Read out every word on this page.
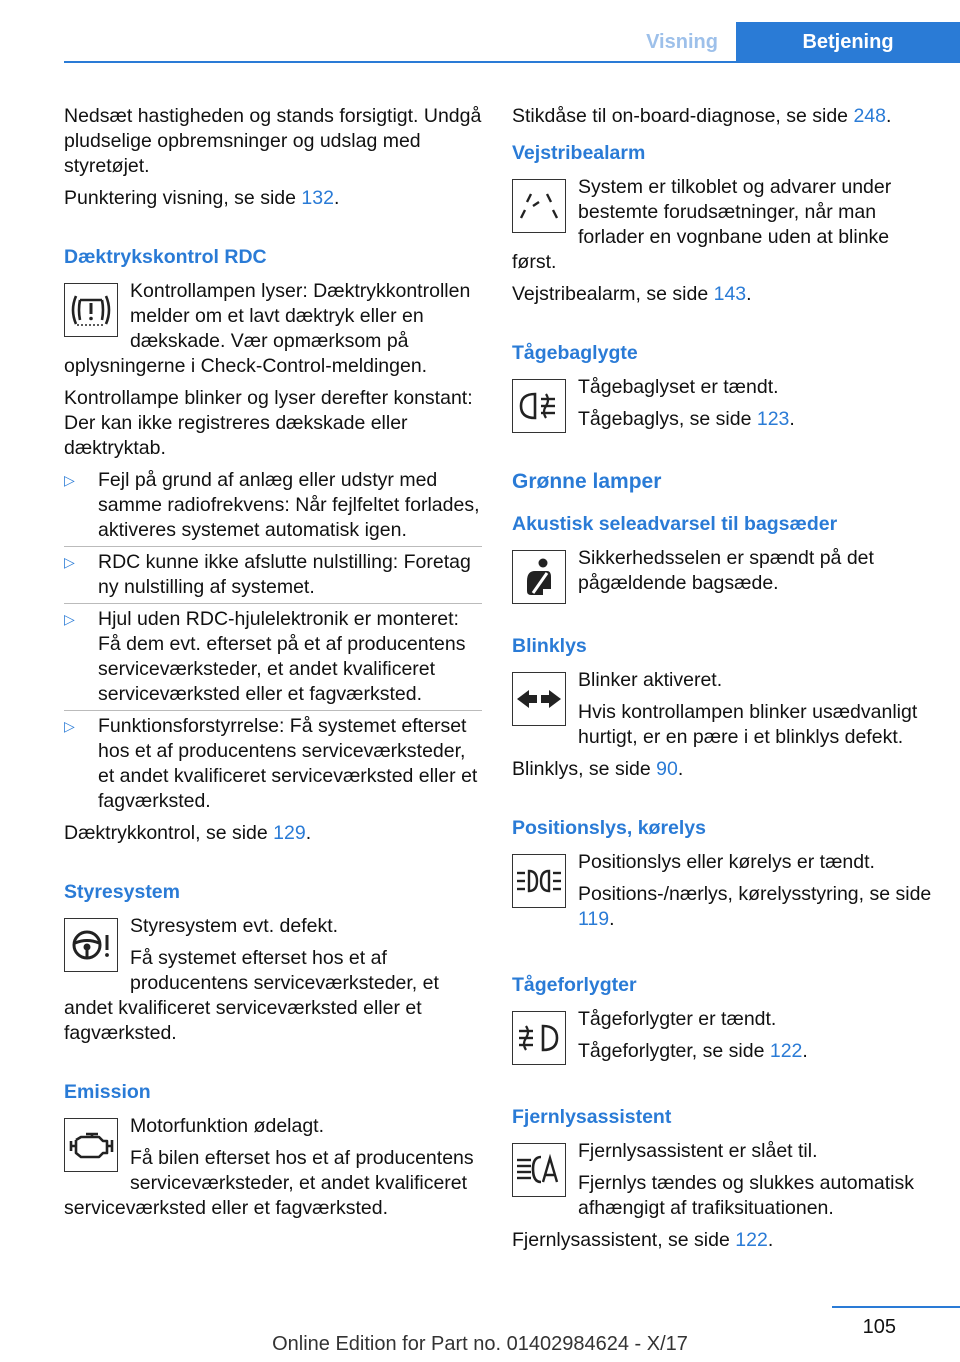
Visning	Betjening

Nedsæt hastigheden og stands forsigtigt. Undgå pludselige opbremsninger og udslag med styretøjet.

Punktering visning, se side 132.

Dæktrykskontrol RDC

Kontrollampen lyser: Dæktrykkontrollen melder om et lavt dæktryk eller en dækskade. Vær opmærksom på oplysningerne i Check-Control-meldingen.

Kontrollampe blinker og lyser derefter konstant: Der kan ikke registreres dækskade eller dæktryktab.

▷ Fejl på grund af anlæg eller udstyr med samme radiofrekvens: Når fejlfeltet forlades, aktiveres systemet automatisk igen.
▷ RDC kunne ikke afslutte nulstilling: Foretag ny nulstilling af systemet.
▷ Hjul uden RDC-hjulelektronik er monteret: Få dem evt. efterset på et af producentens serviceværksteder, et andet kvalificeret serviceværksted eller et fagværksted.
▷ Funktionsforstyrrelse: Få systemet efterset hos et af producentens serviceværksteder, et andet kvalificeret serviceværksted eller et fagværksted.

Dæktrykkontrol, se side 129.

Styresystem

Styresystem evt. defekt.

Få systemet efterset hos et af producentens serviceværksteder, et andet kvalificeret serviceværksted eller et fagværksted.

Emission

Motorfunktion ødelagt.

Få bilen efterset hos et af producentens serviceværksteder, et andet kvalificeret serviceværksted eller et fagværksted.

Stikdåse til on-board-diagnose, se side 248.

Vejstribealarm

System er tilkoblet og advarer under bestemte forudsætninger, når man forlader en vognbane uden at blinke først.

Vejstribealarm, se side 143.

Tågebaglygte

Tågebaglyset er tændt.

Tågebaglys, se side 123.

Grønne lamper
Akustisk seleadvarsel til bagsæder

Sikkerhedsselen er spændt på det pågældende bagsæde.

Blinklys

Blinker aktiveret.

Hvis kontrollampen blinker usædvanligt hurtigt, er en pære i et blinklys defekt.

Blinklys, se side 90.

Positionslys, kørelys

Positionslys eller kørelys er tændt.

Positions-/nærlys, kørelysstyring, se side 119.

Tågeforlygter

Tågeforlygter er tændt.

Tågeforlygter, se side 122.

Fjernlysassistent

Fjernlysassistent er slået til.

Fjernlys tændes og slukkes automatisk afhængigt af trafiksituationen.

Fjernlysassistent, se side 122.

105
Online Edition for Part no. 01402984624 - X/17
